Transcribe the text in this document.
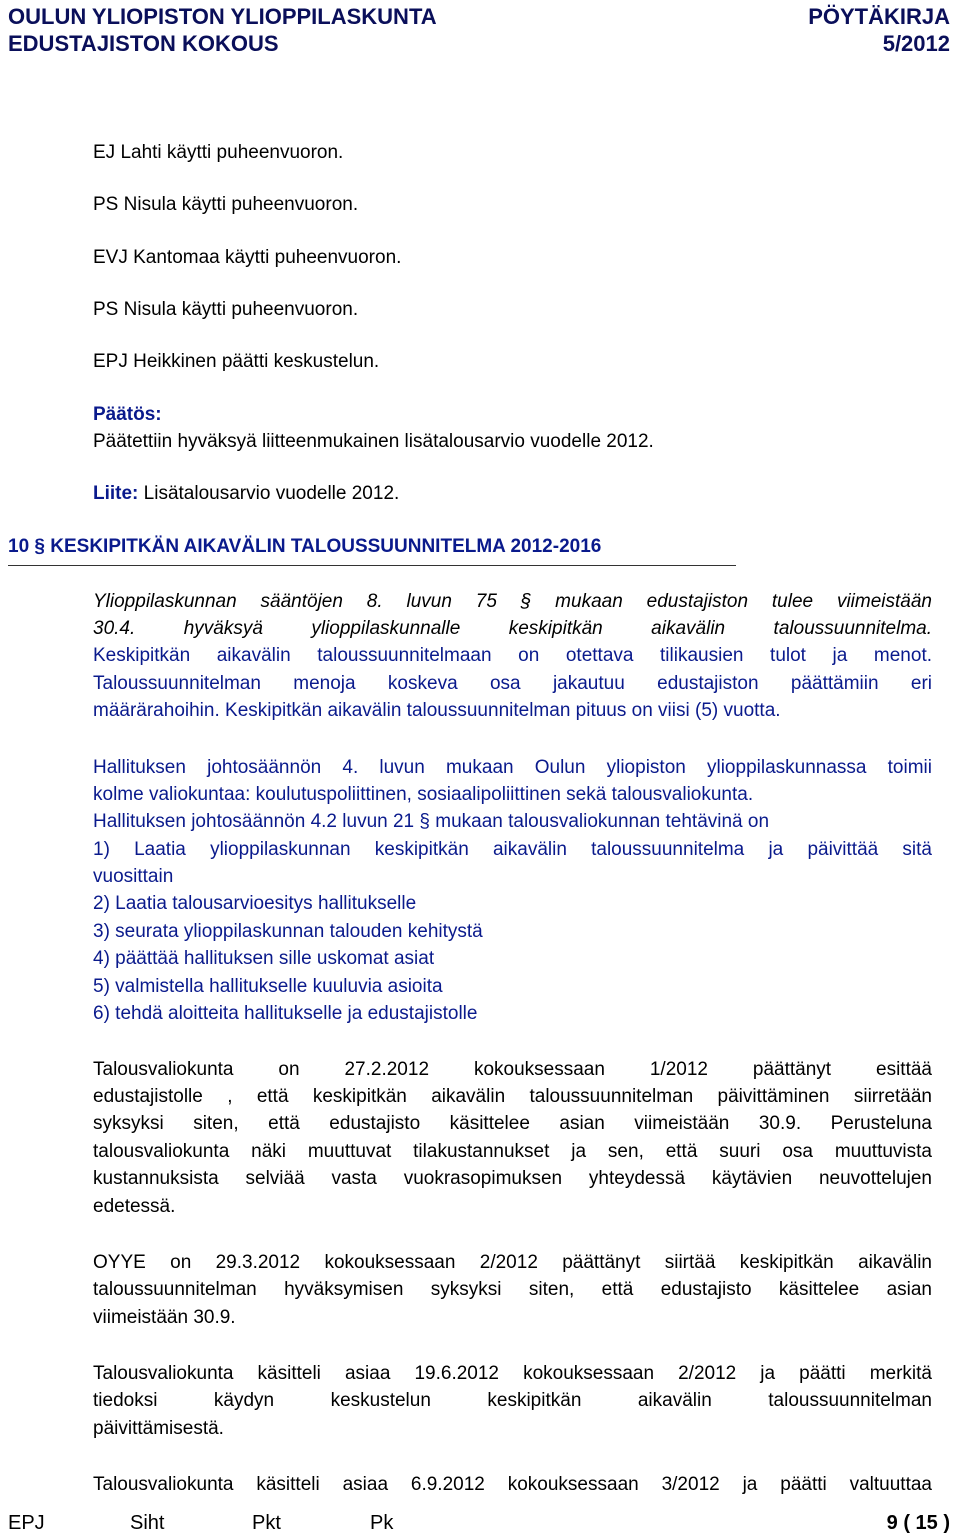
OULUN YLIOPISTON YLIOPPILASKUNTA	PÖYTÄKIRJA
EDUSTAJISTON KOKOUS	5/2012
EJ Lahti käytti puheenvuoron.
PS Nisula käytti puheenvuoron.
EVJ Kantomaa käytti puheenvuoron.
PS Nisula käytti puheenvuoron.
EPJ Heikkinen päätti keskustelun.
Päätös:
Päätettiin hyväksyä liitteenmukainen lisätalousarvio vuodelle 2012.
Liite: Lisätalousarvio vuodelle 2012.
10 § KESKIPITKÄN AIKAVÄLIN TALOUSSUUNNITELMA 2012-2016
Ylioppilaskunnan sääntöjen 8. luvun 75 § mukaan edustajiston tulee viimeistään
30.4. hyväksyä ylioppilaskunnalle keskipitkän aikavälin taloussuunnitelma.
Keskipitkän aikavälin taloussuunnitelmaan on otettava tilikausien tulot ja menot.
Taloussuunnitelman menoja koskeva osa jakautuu edustajiston päättämiin eri
määrärahoihin. Keskipitkän aikavälin taloussuunnitelman pituus on viisi (5) vuotta.
Hallituksen johtosäännön 4. luvun mukaan Oulun yliopiston ylioppilaskunnassa toimii
kolme valiokuntaa: koulutuspoliittinen, sosiaalipoliittinen sekä talousvaliokunta.
Hallituksen johtosäännön 4.2 luvun 21 § mukaan talousvaliokunnan tehtävinä on
1) Laatia ylioppilaskunnan keskipitkän aikavälin taloussuunnitelma ja päivittää sitä
vuosittain
2) Laatia talousarvioesitys hallitukselle
3) seurata ylioppilaskunnan talouden kehitystä
4) päättää hallituksen sille uskomat asiat
5) valmistella hallitukselle kuuluvia asioita
6) tehdä aloitteita hallitukselle ja edustajistolle
Talousvaliokunta on 27.2.2012 kokouksessaan 1/2012 päättänyt esittää
edustajistolle , että keskipitkän aikavälin taloussuunnitelman päivittäminen siirretään
syksyksi siten, että edustajisto käsittelee asian viimeistään 30.9. Perusteluna
talousvaliokunta näki muuttuvat tilakustannukset ja sen, että suuri osa muuttuvista
kustannuksista selviää vasta vuokrasopimuksen yhteydessä käytävien neuvottelujen
edetessä.
OYYE on 29.3.2012 kokouksessaan 2/2012 päättänyt siirtää keskipitkän aikavälin
taloussuunnitelman hyväksymisen syksyksi siten, että edustajisto käsittelee asian
viimeistään 30.9.
Talousvaliokunta käsitteli asiaa 19.6.2012 kokouksessaan 2/2012 ja päätti merkitä
tiedoksi käydyn keskustelun keskipitkän aikavälin taloussuunnitelman
päivittämisestä.
Talousvaliokunta käsitteli asiaa 6.9.2012 kokouksessaan 3/2012 ja päätti valtuuttaa
EPJ	Siht	Pkt	Pk	9 ( 15 )
